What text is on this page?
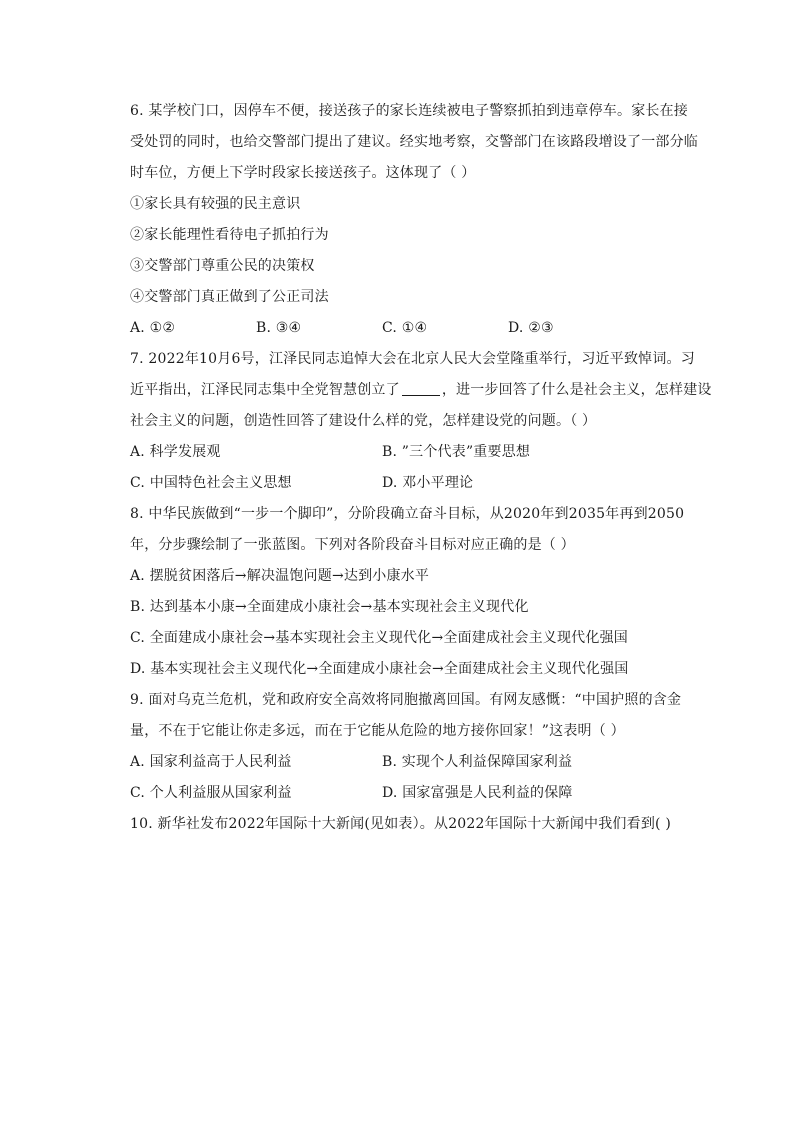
6. 某学校门口，因停车不便，接送孩子的家长连续被电子警察抓拍到违章停车。家长在接
受处罚的同时，也给交警部门提出了建议。经实地考察，交警部门在该路段增设了一部分临
时车位，方便上下学时段家长接送孩子。这体现了（ ）
①家长具有较强的民主意识
②家长能理性看待电子抓拍行为
③交警部门尊重公民的决策权
④交警部门真正做到了公正司法
A. ①②	B. ③④	C. ①④	D. ②③
7. 2022年10月6号，江泽民同志追悼大会在北京人民大会堂隆重举行，习近平致悼词。习
近平指出，江泽民同志集中全党智慧创立了	，进一步回答了什么是社会主义，怎样建设
社会主义的问题，创造性回答了建设什么样的党，怎样建设党的问题。（ ）
A. 科学发展观	B. ”三个代表”重要思想
C. 中国特色社会主义思想	D. 邓小平理论
8. 中华民族做到“一步一个脚印”，分阶段确立奋斗目标，从2020年到2035年再到2050
年，分步骤绘制了一张蓝图。下列对各阶段奋斗目标对应正确的是（ ）
A. 摆脱贫困落后→解决温饱问题→达到小康水平
B. 达到基本小康→全面建成小康社会→基本实现社会主义现代化
C. 全面建成小康社会→基本实现社会主义现代化→全面建成社会主义现代化强国
D. 基本实现社会主义现代化→全面建成小康社会→全面建成社会主义现代化强国
9. 面对乌克兰危机，党和政府安全高效将同胞撤离回国。有网友感慨：“中国护照的含金
量，不在于它能让你走多远，而在于它能从危险的地方接你回家！”这表明（ ）
A. 国家利益高于人民利益	B. 实现个人利益保障国家利益
C. 个人利益服从国家利益	D. 国家富强是人民利益的保障
10. 新华社发布2022年国际十大新闻(见如表）。从2022年国际十大新闻中我们看到( )
